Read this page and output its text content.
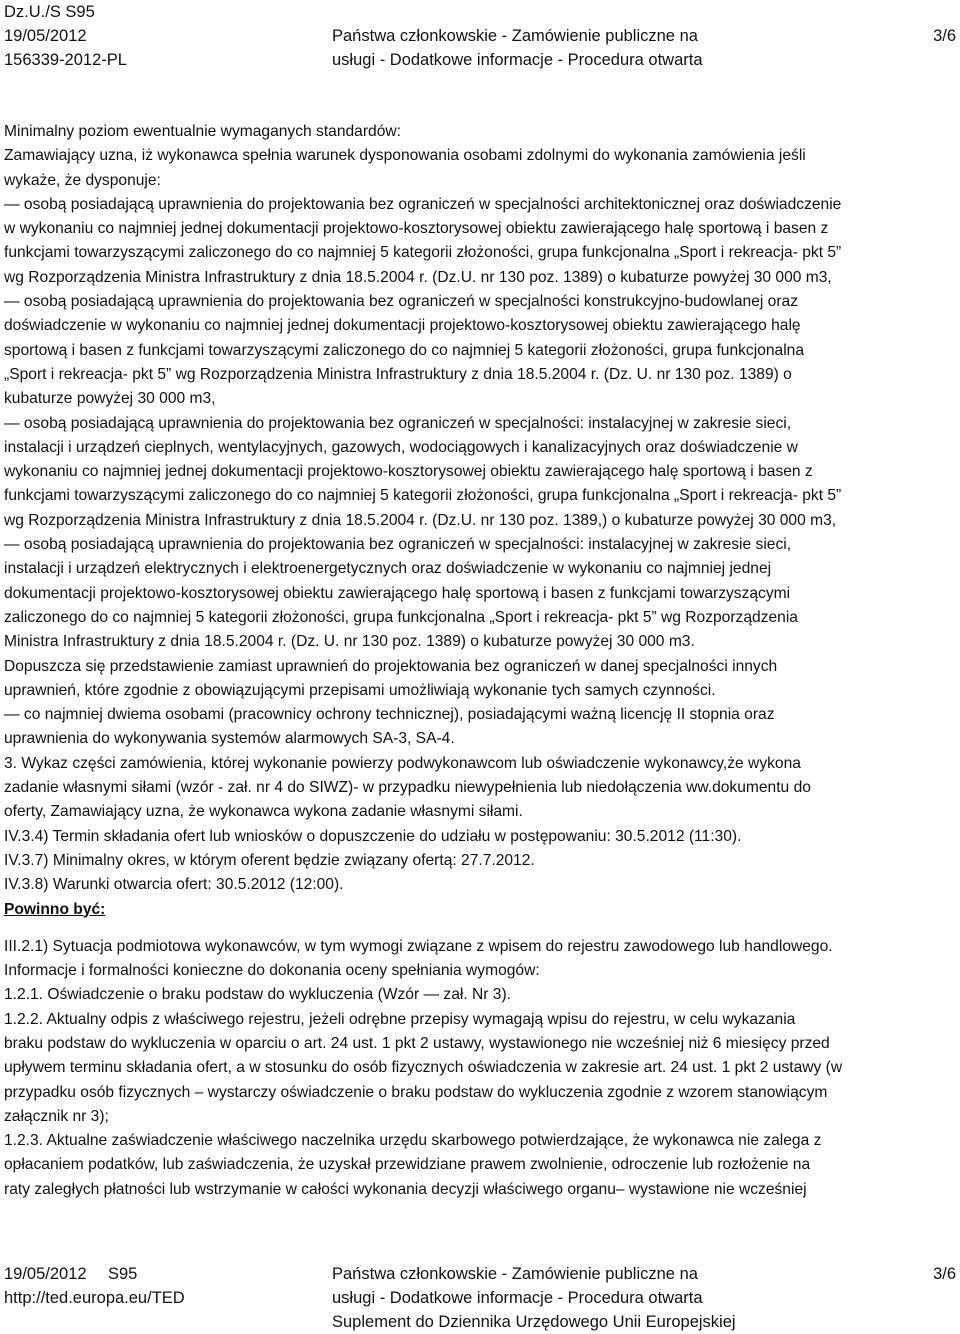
Dz.U./S S95
19/05/2012
156339-2012-PL

Państwa członkowskie - Zamówienie publiczne na
usługi - Dodatkowe informacje - Procedura otwarta

3/6

Minimalny poziom ewentualnie wymaganych standardów:

Zamawiający uzna, iż wykonawca spełnia warunek dysponowania osobami zdolnymi do wykonania zamówienia jeśli

wykaże, że dysponuje:

— osobą posiadającą uprawnienia do projektowania bez ograniczeń w specjalności architektonicznej oraz doświadczenie

w wykonaniu co najmniej jednej dokumentacji projektowo-kosztorysowej obiektu zawierającego halę sportową i basen z

funkcjami towarzyszącymi zaliczonego do co najmniej 5 kategorii złożoności, grupa funkcjonalna „Sport i rekreacja- pkt 5”

wg Rozporządzenia Ministra Infrastruktury z dnia 18.5.2004 r. (Dz.U. nr 130 poz. 1389) o kubaturze powyżej 30 000 m3,

— osobą posiadającą uprawnienia do projektowania bez ograniczeń w specjalności konstrukcyjno-budowlanej oraz

doświadczenie w wykonaniu co najmniej jednej dokumentacji projektowo-kosztorysowej obiektu zawierającego halę

sportową i basen z funkcjami towarzyszącymi zaliczonego do co najmniej 5 kategorii złożoności, grupa funkcjonalna

„Sport i rekreacja- pkt 5” wg Rozporządzenia Ministra Infrastruktury z dnia 18.5.2004 r. (Dz. U. nr 130 poz. 1389) o

kubaturze powyżej 30 000 m3,

— osobą posiadającą uprawnienia do projektowania bez ograniczeń w specjalności: instalacyjnej w zakresie sieci,

instalacji i urządzeń cieplnych, wentylacyjnych, gazowych, wodociągowych i kanalizacyjnych oraz doświadczenie w

wykonaniu co najmniej jednej dokumentacji projektowo-kosztorysowej obiektu zawierającego halę sportową i basen z

funkcjami towarzyszącymi zaliczonego do co najmniej 5 kategorii złożoności, grupa funkcjonalna „Sport i rekreacja- pkt 5”

wg Rozporządzenia Ministra Infrastruktury z dnia 18.5.2004 r. (Dz.U. nr 130 poz. 1389,) o kubaturze powyżej 30 000 m3,

— osobą posiadającą uprawnienia do projektowania bez ograniczeń w specjalności: instalacyjnej w zakresie sieci,

instalacji i urządzeń elektrycznych i elektroenergetycznych oraz doświadczenie w wykonaniu co najmniej jednej

dokumentacji projektowo-kosztorysowej obiektu zawierającego halę sportową i basen z funkcjami towarzyszącymi

zaliczonego do co najmniej 5 kategorii złożoności, grupa funkcjonalna „Sport i rekreacja- pkt 5” wg Rozporządzenia

Ministra Infrastruktury z dnia 18.5.2004 r. (Dz. U. nr 130 poz. 1389) o kubaturze powyżej 30 000 m3.

Dopuszcza się przedstawienie zamiast uprawnień do projektowania bez ograniczeń w danej specjalności innych

uprawnień, które zgodnie z obowiązującymi przepisami umożliwiają wykonanie tych samych czynności.

— co najmniej dwiema osobami (pracownicy ochrony technicznej), posiadającymi ważną licencję II stopnia oraz

uprawnienia do wykonywania systemów alarmowych SA-3, SA-4.

3. Wykaz części zamówienia, której wykonanie powierzy podwykonawcom lub oświadczenie wykonawcy,że wykona

zadanie własnymi siłami (wzór - zał. nr 4 do SIWZ)- w przypadku niewypełnienia lub niedołączenia ww.dokumentu do

oferty, Zamawiający uzna, że wykonawca wykona zadanie własnymi siłami.

IV.3.4) Termin składania ofert lub wniosków o dopuszczenie do udziału w postępowaniu: 30.5.2012 (11:30).

IV.3.7) Minimalny okres, w którym oferent będzie związany ofertą: 27.7.2012.

IV.3.8) Warunki otwarcia ofert: 30.5.2012 (12:00).

Powinno być:

III.2.1) Sytuacja podmiotowa wykonawców, w tym wymogi związane z wpisem do rejestru zawodowego lub handlowego.

Informacje i formalności konieczne do dokonania oceny spełniania wymogów:

1.2.1. Oświadczenie o braku podstaw do wykluczenia (Wzór — zał. Nr 3).

1.2.2. Aktualny odpis z właściwego rejestru, jeżeli odrębne przepisy wymagają wpisu do rejestru, w celu wykazania

braku podstaw do wykluczenia w oparciu o art. 24 ust. 1 pkt 2 ustawy, wystawionego nie wcześniej niż 6 miesięcy przed

upływem terminu składania ofert, a w stosunku do osób fizycznych oświadczenia w zakresie art. 24 ust. 1 pkt 2 ustawy (w

przypadku osób fizycznych – wystarczy oświadczenie o braku podstaw do wykluczenia zgodnie z wzorem stanowiącym

załącznik nr 3);

1.2.3. Aktualne zaświadczenie właściwego naczelnika urzędu skarbowego potwierdzające, że wykonawca nie zalega z

opłacaniem podatków, lub zaświadczenia, że uzyskał przewidziane prawem zwolnienie, odroczenie lub rozłożenie na

raty zaległych płatności lub wstrzymanie w całości wykonania decyzji właściwego organu– wystawione nie wcześniej

19/05/2012 S95
http://ted.europa.eu/TED
Państwa członkowskie - Zamówienie publiczne na
usługi - Dodatkowe informacje - Procedura otwarta
Suplement do Dziennika Urzędowego Unii Europejskiej
3/6
